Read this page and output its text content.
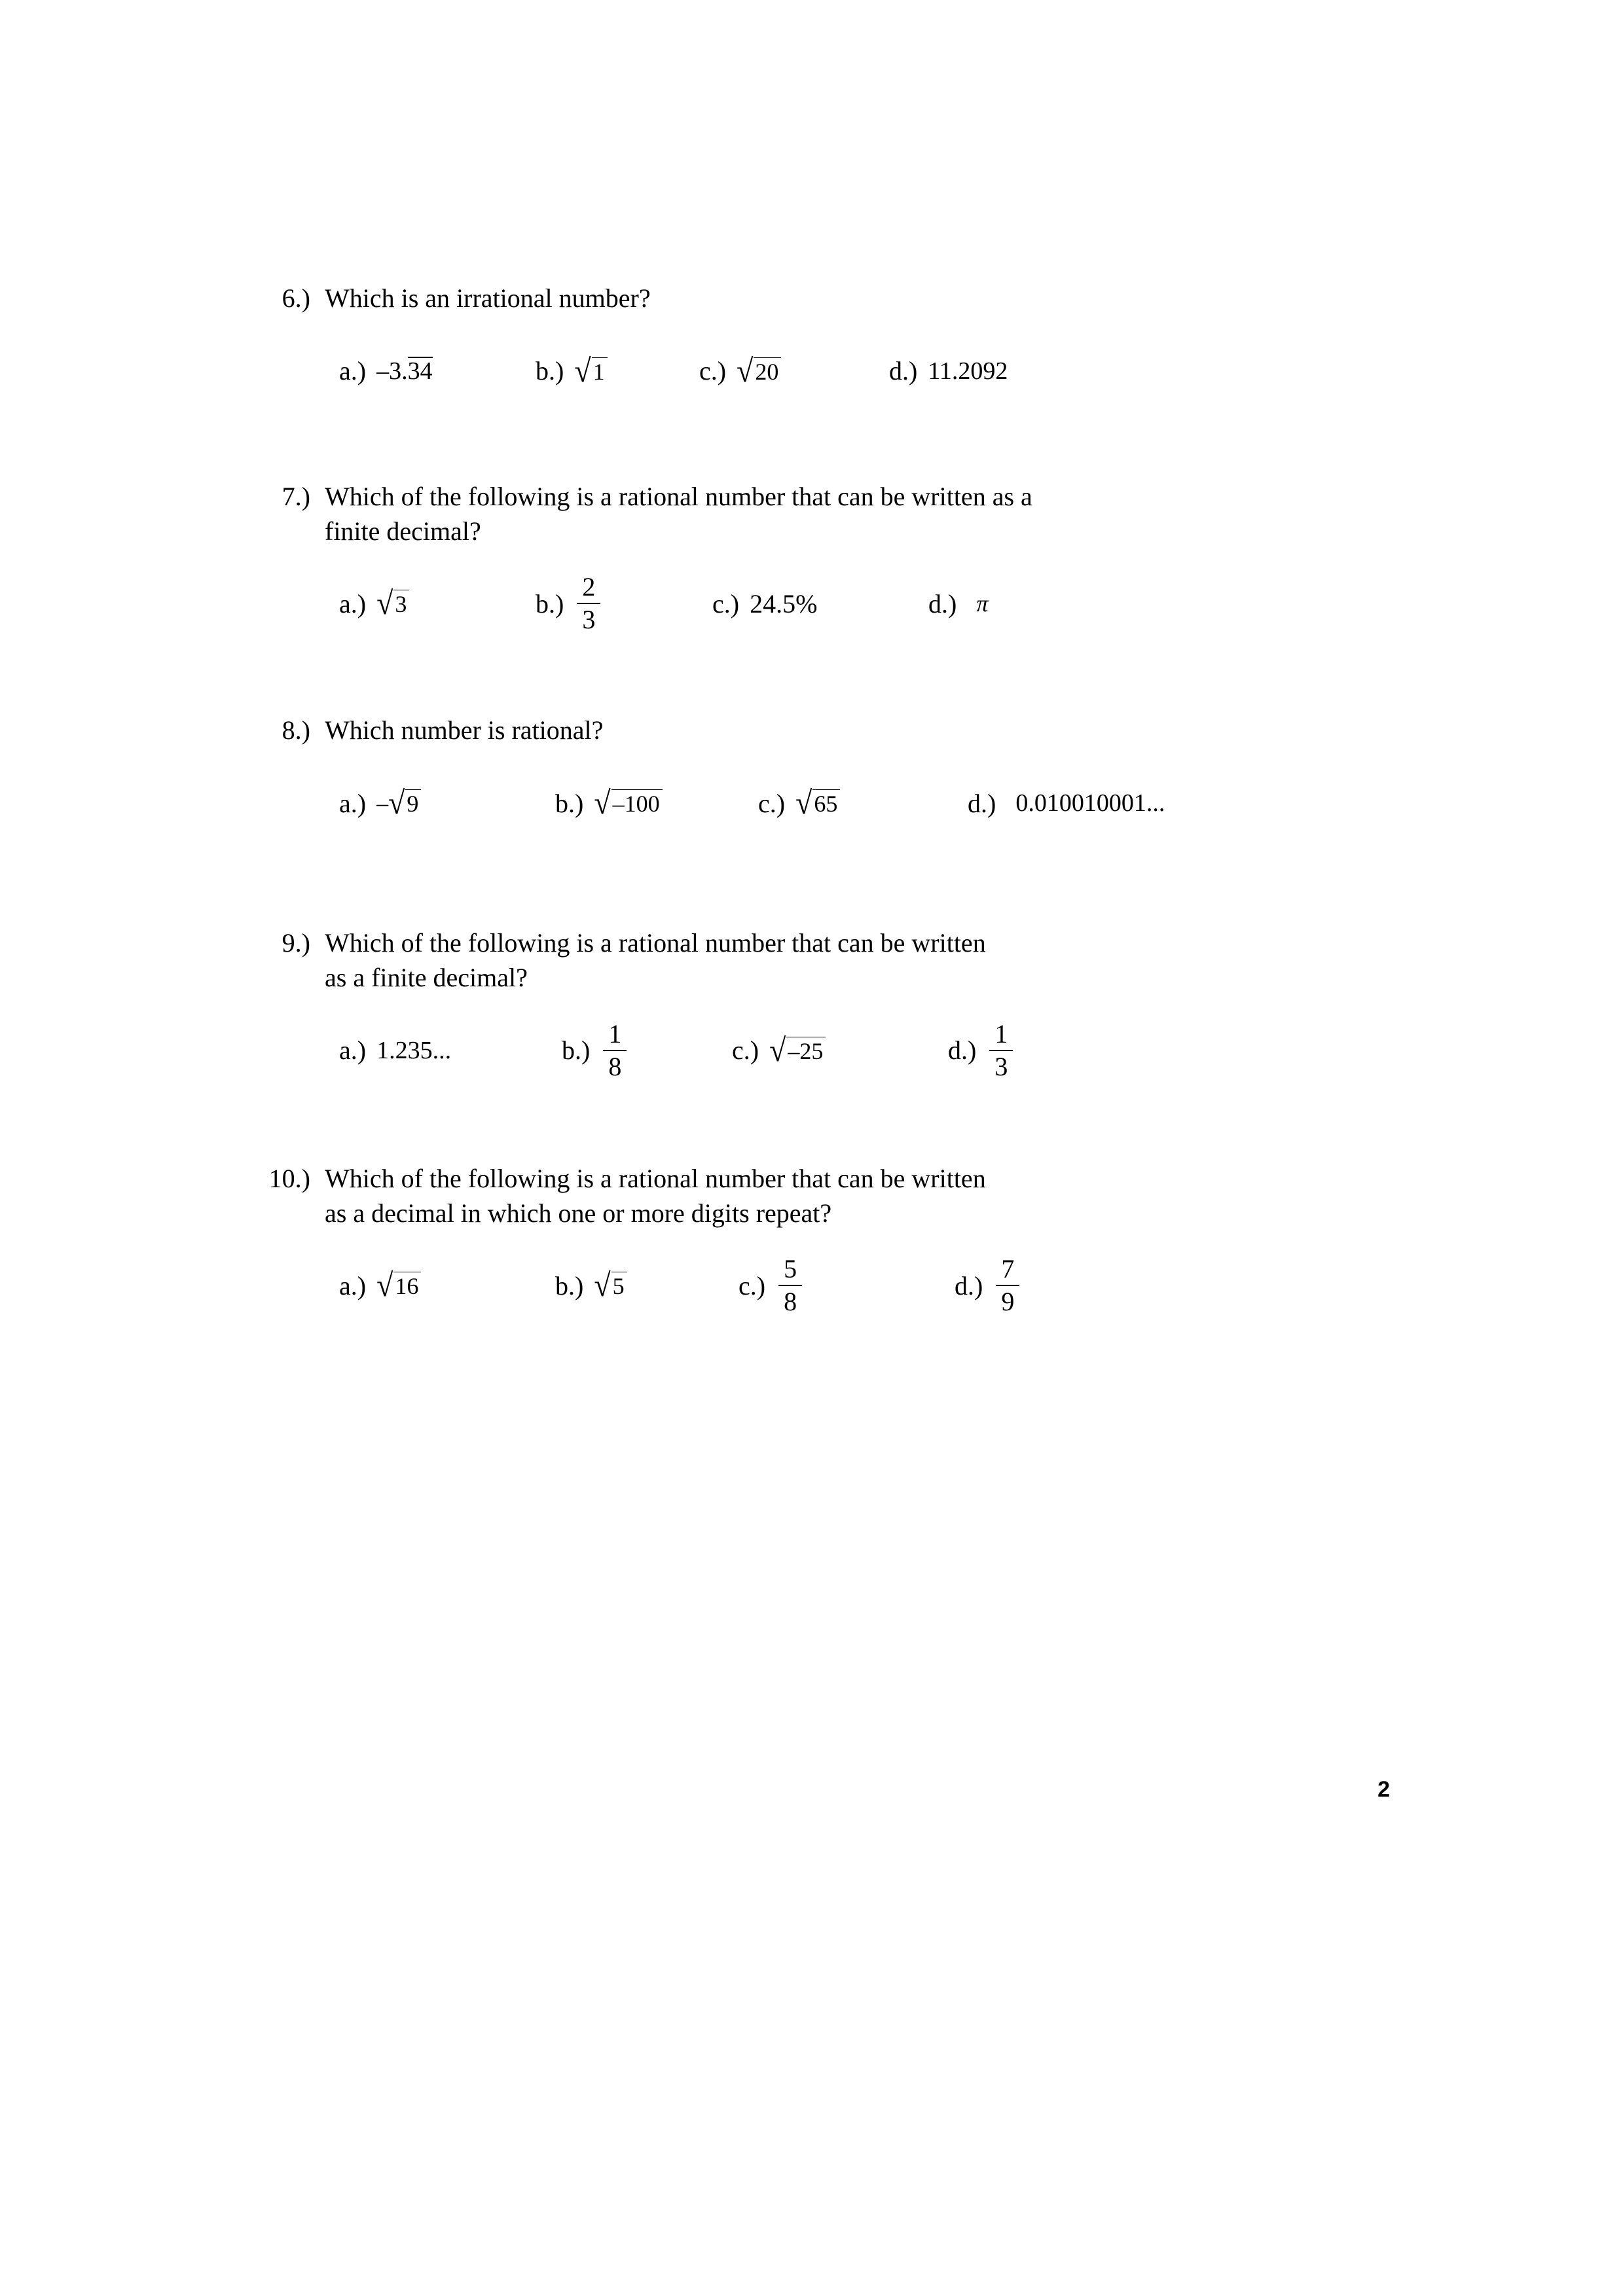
6.) Which is an irrational number?
a.) –3. 34	b.) √ 1	c.) √ 20	d.) 11.2092
7.) Which of the following is a rational number that can be written as a
finite decimal?
a.) √ 3	$b.) \frac{2}{3}$	c.) 24.5%	d.) π
8.) Which number is rational?
a.) – √ 9	b.) √ –100	c.) √ 65	d.) 0.010010001...
9.) Which of the following is a rational number that can be written
as a finite decimal?
a.) 1.235...	$b.) \frac{1}{8}$	c.) √ –25	$d.) \frac{1}{3}$
10.) Which of the following is a rational number that can be written
as a decimal in which one or more digits repeat?
a.) √ 16	b.) √ 5	$c.) \frac{5}{8}$	$d.) \frac{7}{9}$
2
